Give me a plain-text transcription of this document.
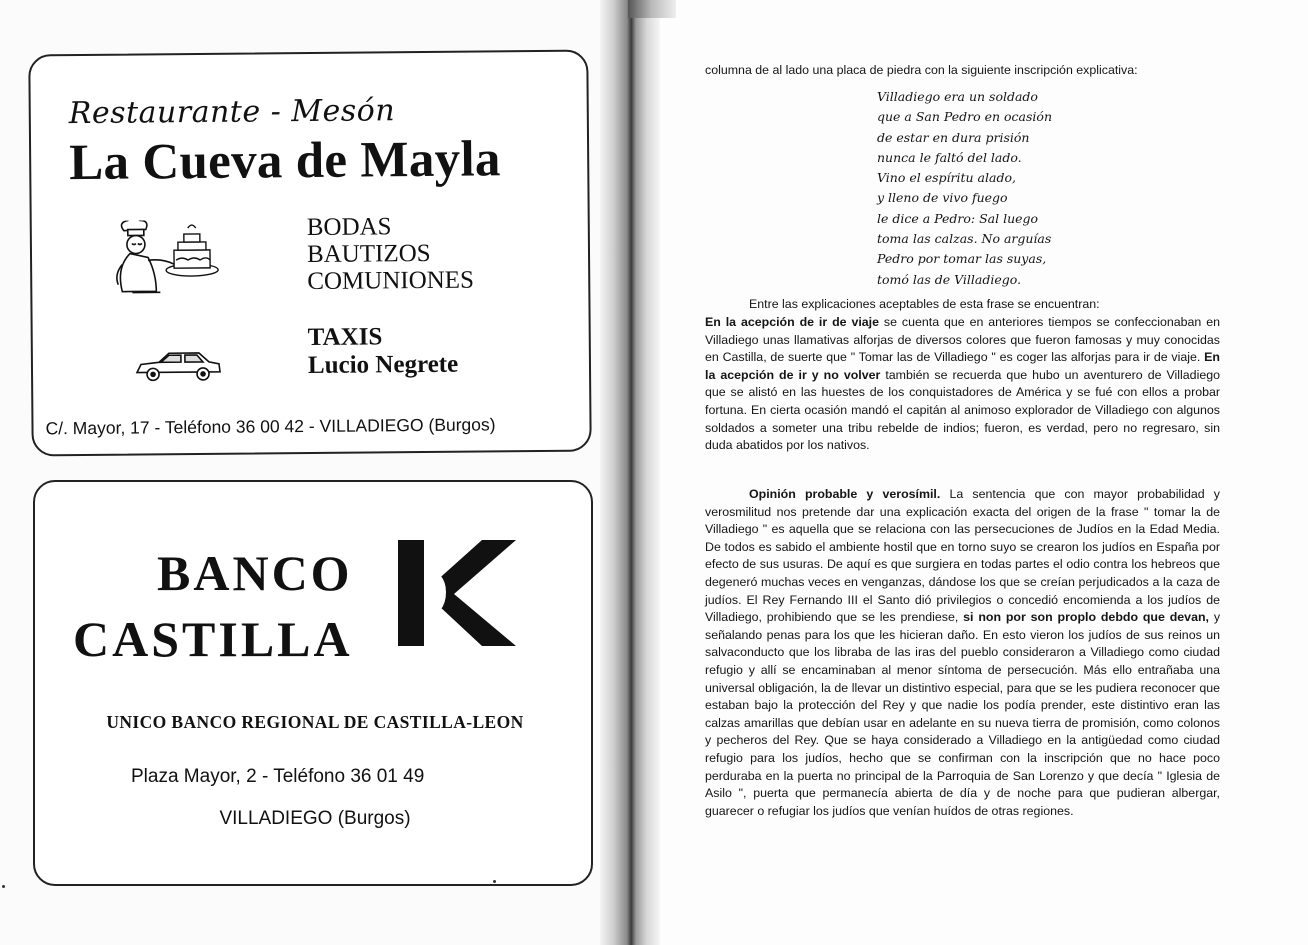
Restaurante - Mesón
La Cueva de Mayla
BODAS
BAUTIZOS
COMUNIONES
TAXIS
Lucio Negrete
C/. Mayor, 17 - Teléfono 36 00 42 - VILLADIEGO (Burgos)
BANCO
CASTILLA
UNICO BANCO REGIONAL DE CASTILLA-LEON
Plaza Mayor, 2 - Teléfono 36 01 49
VILLADIEGO (Burgos)
columna de al lado una placa de piedra con la siguiente inscripción explicativa:
Villadiego era un soldado
que a San Pedro en ocasión
de estar en dura prisión
nunca le faltó del lado.
Vino el espíritu alado,
y lleno de vivo fuego
le dice a Pedro: Sal luego
toma las calzas. No arguías
Pedro por tomar las suyas,
tomó las de Villadiego.
Entre las explicaciones aceptables de esta frase se encuentran:
En la acepción de ir de viaje se cuenta que en anteriores tiempos se confeccionaban en Villadiego unas llamativas alforjas de diversos colores que fueron famosas y muy conocidas en Castilla, de suerte que " Tomar las de Villadiego " es coger las alforjas para ir de viaje. En la acepción de ir y no volver también se recuerda que hubo un aventurero de Villadiego que se alistó en las huestes de los conquistadores de América y se fué con ellos a probar fortuna. En cierta ocasión mandó el capitán al animoso explorador de Villadiego con algunos soldados a someter una tribu rebelde de indios; fueron, es verdad, pero no regresaro, sin duda abatidos por los nativos.
Opinión probable y verosímil. La sentencia que con mayor probabilidad y verosmilitud nos pretende dar una explicación exacta del origen de la frase " tomar la de Villadiego " es aquella que se relaciona con las persecuciones de Judíos en la Edad Media. De todos es sabido el ambiente hostil que en torno suyo se crearon los judíos en España por efecto de sus usuras. De aquí es que surgiera en todas partes el odio contra los hebreos que degeneró muchas veces en venganzas, dándose los que se creían perjudicados a la caza de judíos. El Rey Fernando III el Santo dió privilegios o concedió encomienda a los judíos de Villadiego, prohibiendo que se les prendiese, si non por son proplo debdo que devan, y señalando penas para los que les hicieran daño. En esto vieron los judíos de sus reinos un salvaconducto que los libraba de las iras del pueblo consideraron a Villadiego como ciudad refugio y allí se encaminaban al menor síntoma de persecución. Más ello entrañaba una universal obligación, la de llevar un distintivo especial, para que se les pudiera reconocer que estaban bajo la protección del Rey y que nadie los podía prender, este distintivo eran las calzas amarillas que debían usar en adelante en su nueva tierra de promisión, como colonos y pecheros del Rey. Que se haya considerado a Villadiego en la antigüedad como ciudad refugio para los judíos, hecho que se confirman con la inscripción que no hace poco perduraba en la puerta no principal de la Parroquia de San Lorenzo y que decía " Iglesia de Asilo ", puerta que permanecía abierta de día y de noche para que pudieran albergar, guarecer o refugiar los judíos que venían huídos de otras regiones.
